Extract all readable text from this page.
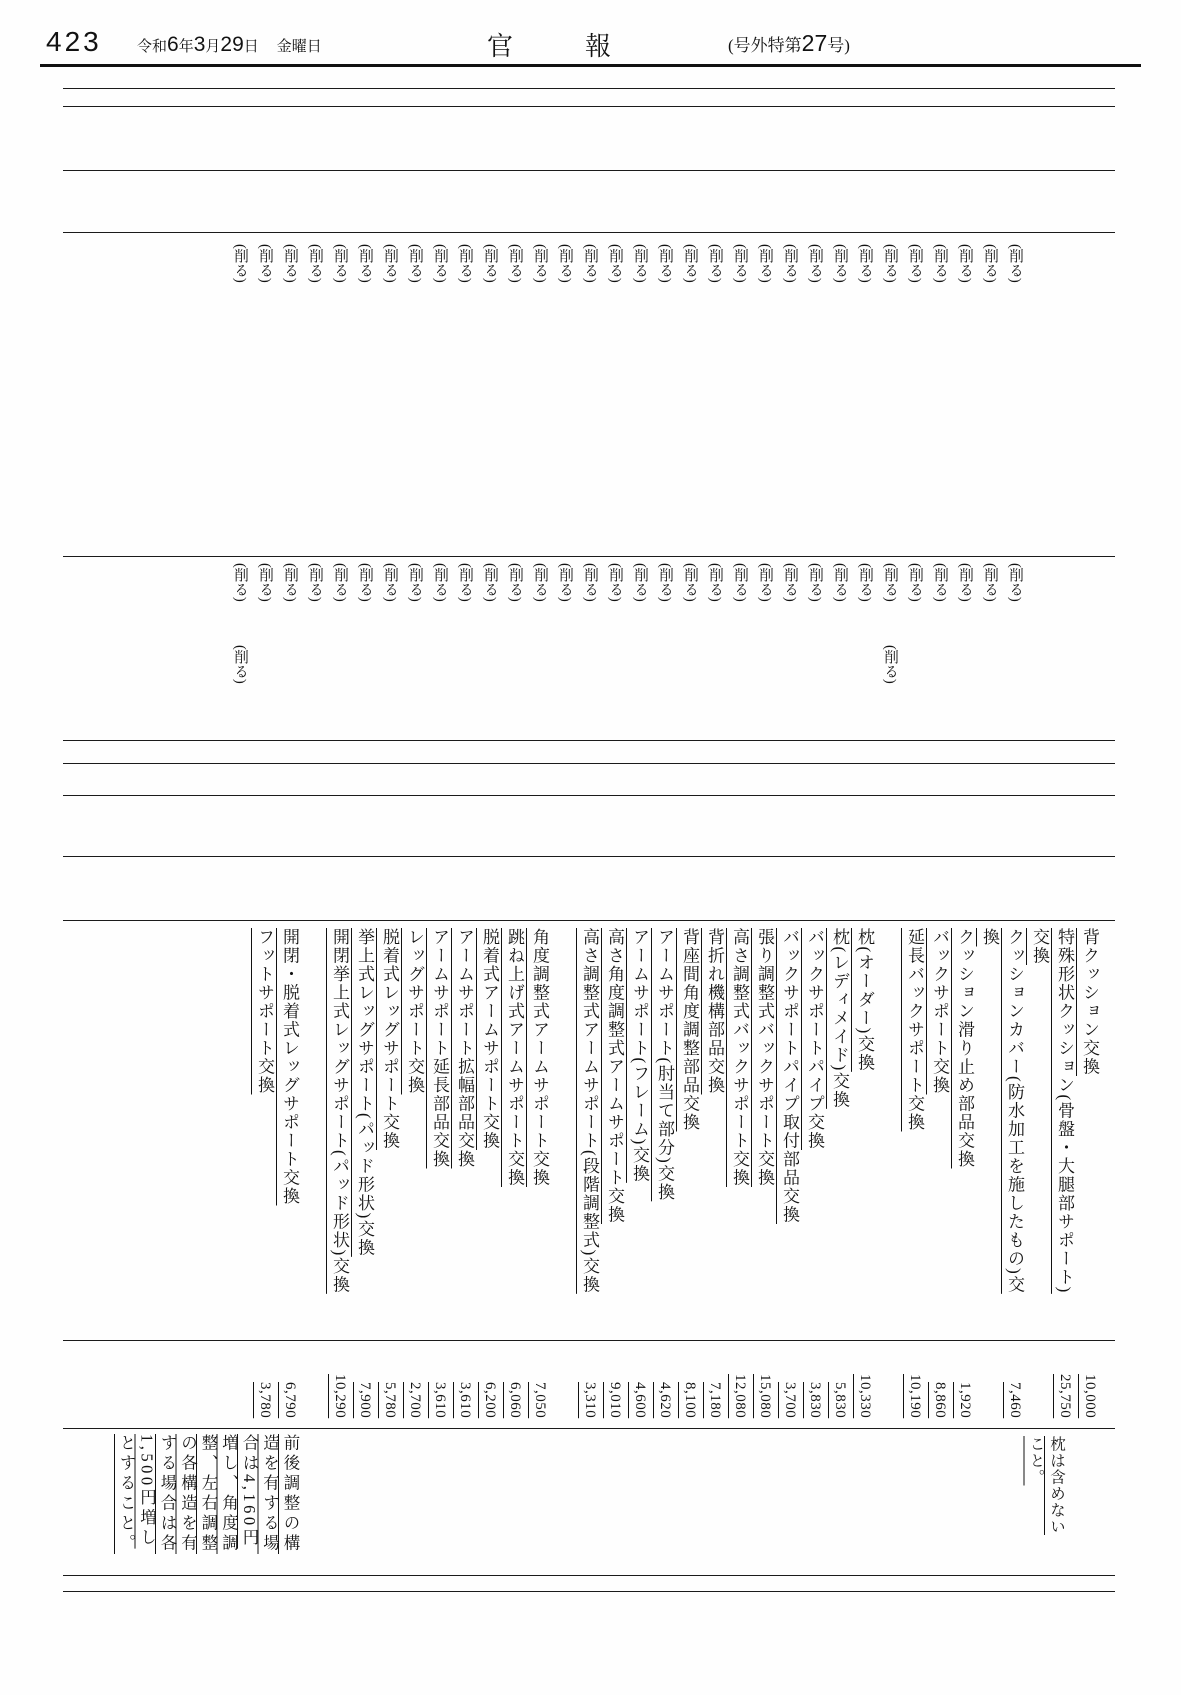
423 令和6年3月29日 金曜日	官報	(号外特第27号)
背クッション交換
10,000
特殊形状クッション(骨盤・大腿部サポート)交換
25,750
枕は含めないこと。
クッションカバー(防水加工を施したもの)交換
7,460
(削る)
(削る)
(削る)
(削る)
クッション滑り止め部品交換
1,920
(削る)
(削る)
バックサポート交換
8,860
(削る)
(削る)
延長バックサポート交換
10,190
(削る)
(削る)
(削る)
(削る)
(削る)
枕(オーダー)交換
10,330
(削る)
(削る)
枕(レディメイド)交換
5,830
(削る)
(削る)
バックサポートパイプ交換
3,830
(削る)
(削る)
バックサポートパイプ取付部品交換
3,700
(削る)
(削る)
張り調整式バックサポート交換
15,080
(削る)
(削る)
高さ調整式バックサポート交換
12,080
(削る)
(削る)
背折れ機構部品交換
7,180
(削る)
(削る)
背座間角度調整部品交換
8,100
(削る)
(削る)
アームサポート(肘当て部分)交換
4,620
(削る)
(削る)
アームサポート(フレーム)交換
4,600
(削る)
(削る)
高さ角度調整式アームサポート交換
9,010
(削る)
(削る)
高さ調整式アームサポート(段階調整式)交換
3,310
(削る)
(削る)
(削る)
(削る)
角度調整式アームサポート交換
7,050
(削る)
(削る)
跳ね上げ式アームサポート交換
6,060
(削る)
(削る)
脱着式アームサポート交換
6,200
(削る)
(削る)
アームサポート拡幅部品交換
3,610
(削る)
(削る)
アームサポート延長部品交換
3,610
(削る)
(削る)
レッグサポート交換
2,700
(削る)
(削る)
脱着式レッグサポート交換
5,780
(削る)
(削る)
挙上式レッグサポート(パッド形状)交換
7,900
(削る)
(削る)
開閉挙上式レッグサポート(パッド形状)交換
10,290
(削る)
(削る)
(削る)
(削る)
開閉・脱着式レッグサポート交換
6,790
(削る)
(削る)
フットサポート交換
3,780
(削る)
(削る)
前後調整の構造を有する場合は4,160円増し、角度調整、左右調整の各構造を有する場合は各1,500円増しとすること。
(削る)
(削る)
(削る)
